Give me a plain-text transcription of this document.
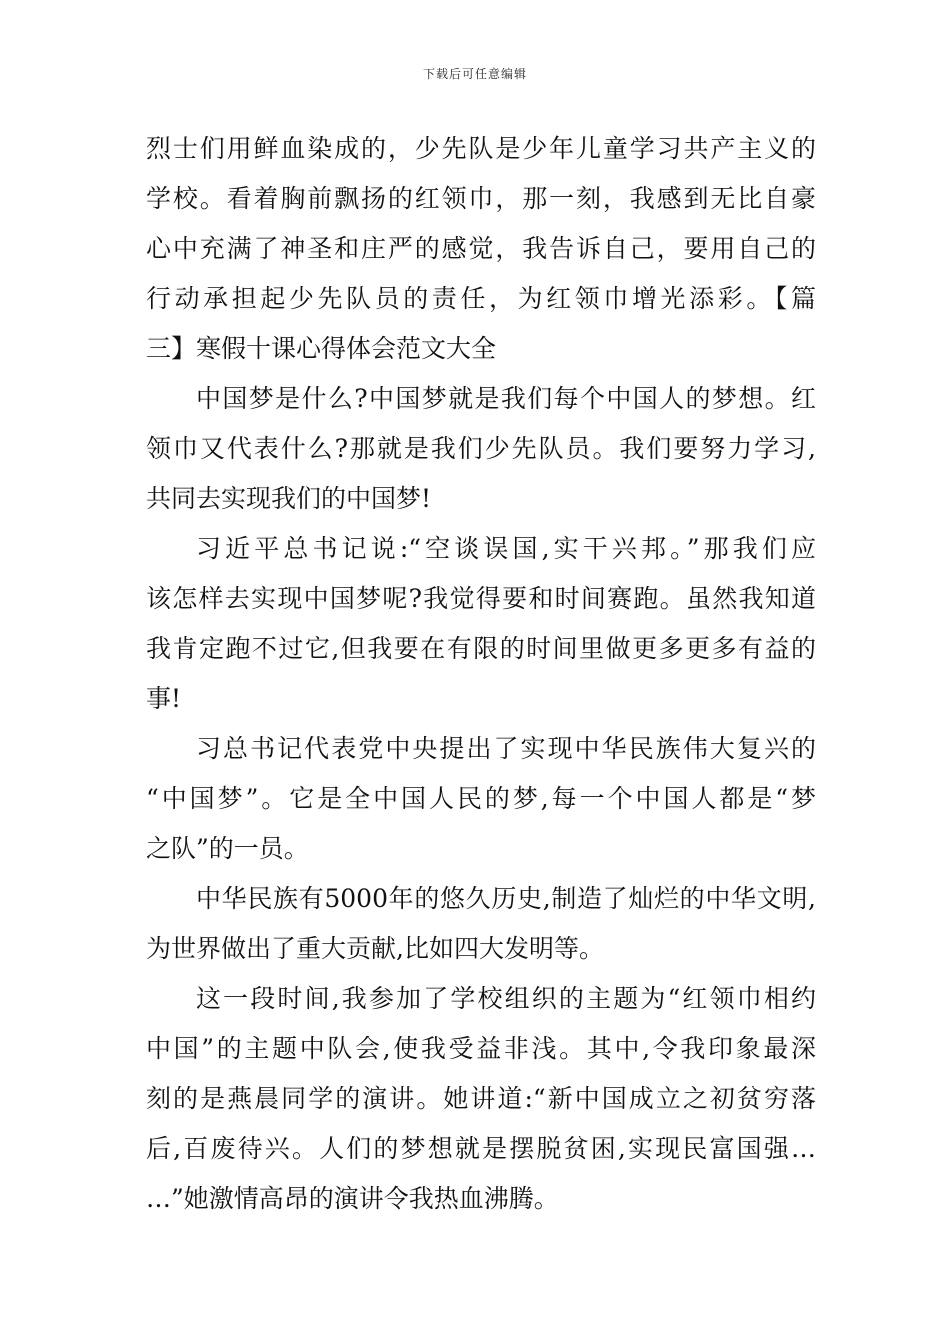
下载后可任意编辑
烈士们用鲜血染成的，少先队是少年儿童学习共产主义的
学校。看着胸前飘扬的红领巾，那一刻，我感到无比自豪
心中充满了神圣和庄严的感觉，我告诉自己，要用自己的
行动承担起少先队员的责任，为红领巾增光添彩。【篇
三】寒假十课心得体会范文大全
中国梦是什么?中国梦就是我们每个中国人的梦想。红
领巾又代表什么?那就是我们少先队员。我们要努力学习,
共同去实现我们的中国梦!
习近平总书记说:“空谈误国,实干兴邦。”那我们应
该怎样去实现中国梦呢?我觉得要和时间赛跑。虽然我知道
我肯定跑不过它,但我要在有限的时间里做更多更多有益的
事!
习总书记代表党中央提出了实现中华民族伟大复兴的
“中国梦”。它是全中国人民的梦,每一个中国人都是“梦
之队”的一员。
中华民族有5000年的悠久历史,制造了灿烂的中华文明,
为世界做出了重大贡献,比如四大发明等。
这一段时间,我参加了学校组织的主题为“红领巾相约
中国”的主题中队会,使我受益非浅。其中,令我印象最深
刻的是燕晨同学的演讲。她讲道:“新中国成立之初贫穷落
后,百废待兴。人们的梦想就是摆脱贫困,实现民富国强…
…”她激情高昂的演讲令我热血沸腾。
